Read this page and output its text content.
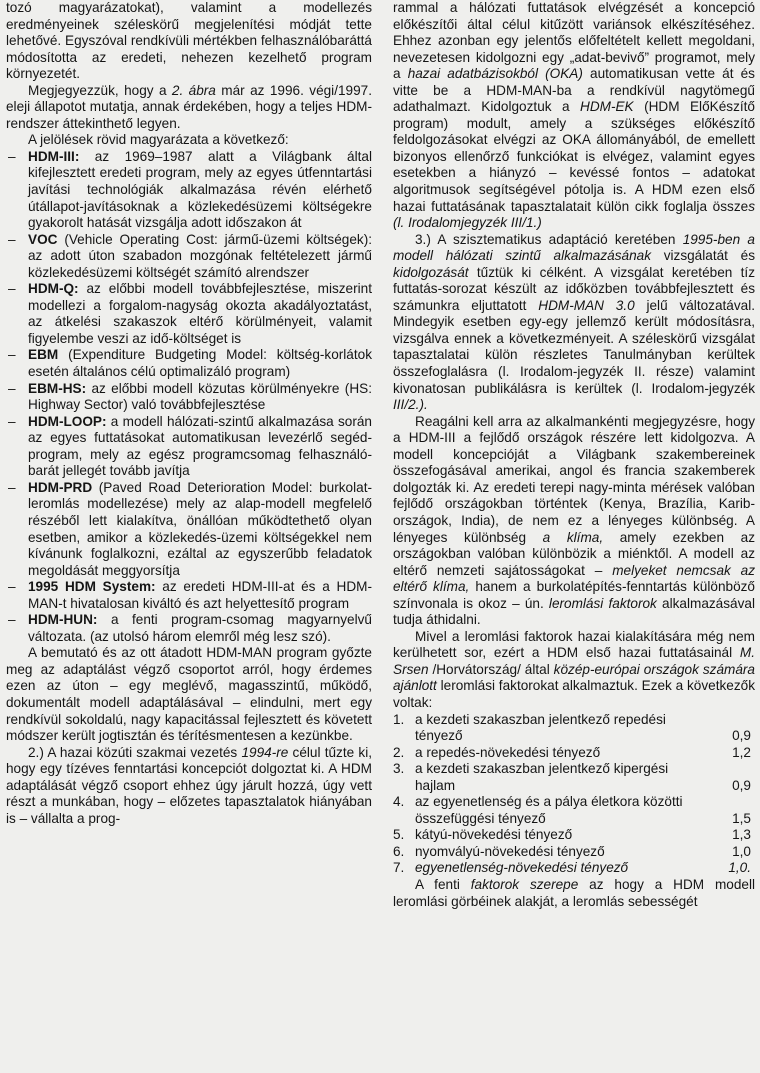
tozó magyarázatokat), valamint a modellezés eredményeinek széleskörű megjelenítési módját tette lehetővé. Egyszóval rendkívüli mértékben felhasználóbaráttá módosította az eredeti, nehezen kezelhető program környezetét.

Megjegyezzük, hogy a 2. ábra már az 1996. végi/1997. eleji állapotot mutatja, annak érdekében, hogy a teljes HDM-rendszer áttekinthető legyen.

A jelölések rövid magyarázata a következő:

– HDM-III: az 1969–1987 alatt a Világbank által kifejlesztett eredeti program, mely az egyes útfenntartási javítási technológiák alkalmazása révén elérhető útállapot-javításoknak a közlekedésüzemi költségekre gyakorolt hatását vizsgálja adott időszakon át
– VOC (Vehicle Operating Cost: jármű-üzemi költségek): az adott úton szabadon mozgónak feltételezett jármű közlekedésüzemi költségét számító alrendszer
– HDM-Q: az előbbi modell továbbfejlesztése, miszerint modellezi a forgalom-nagyság okozta akadályoztatást, az átkelési szakaszok eltérő körülményeit, valamit figyelembe veszi az idő-költséget is
– EBM (Expenditure Budgeting Model: költség-korlátok esetén általános célú optimalizáló program)
– EBM-HS: az előbbi modell közutas körülményekre (HS: Highway Sector) való továbbfejlesztése
– HDM-LOOP: a modell hálózati-szintű alkalmazása során az egyes futtatásokat automatikusan levezérlő segéd-program, mely az egész programcsomag felhasználó-barát jellegét tovább javítja
– HDM-PRD (Paved Road Deterioration Model: burkolat-leromlás modellezése) mely az alap-modell megfelelő részéből lett kialakítva, önállóan működtethető olyan esetben, amikor a közlekedés-üzemi költségekkel nem kívánunk foglalkozni, ezáltal az egyszerűbb feladatok megoldását meggyorsítja
– 1995 HDM System: az eredeti HDM-III-at és a HDM-MAN-t hivatalosan kiváltó és azt helyettesítő program
– HDM-HUN: a fenti program-csomag magyarnyelvű változata. (az utolsó három elemről még lesz szó).

A bemutató és az ott átadott HDM-MAN program győzte meg az adaptálást végző csoportot arról, hogy érdemes ezen az úton – egy meglévő, magasszintű, működő, dokumentált modell adaptálásával – elindulni, mert egy rendkívül sokoldalú, nagy kapacitással fejlesztett és követett módszer került jogtisztán és térítésmentesen a kezünkbe.

2.) A hazai közúti szakmai vezetés 1994-re célul tűzte ki, hogy egy tízéves fenntartási koncepciót dolgoztat ki. A HDM adaptálását végző csoport ehhez úgy járult hozzá, úgy vett részt a munkában, hogy – előzetes tapasztalatok hiányában is – vállalta a prog-

rammal a hálózati futtatások elvégzését a koncepció előkészítői által célul kitűzött variánsok elkészítéséhez. Ehhez azonban egy jelentős előfeltételt kellett megoldani, nevezetesen kidolgozni egy „adat-bevivő” programot, mely a hazai adatbázisokból (OKA) automatikusan vette át és vitte be a HDM-MAN-ba a rendkívül nagytömegű adathalmazt. Kidolgoztuk a HDM-EK (HDM ElőKészítő program) modult, amely a szükséges előkészítő feldolgozásokat elvégzi az OKA állományából, de emellett bizonyos ellenőrző funkciókat is elvégez, valamint egyes esetekben a hiányzó – kevéssé fontos – adatokat algoritmusok segítségével pótolja is. A HDM ezen első hazai futtatásának tapasztalatait külön cikk foglalja összes (l. Irodalomjegyzék III/1.)

3.) A szisztematikus adaptáció keretében 1995-ben a modell hálózati szintű alkalmazásának vizsgálatát és kidolgozását tűztük ki célként. A vizsgálat keretében tíz futtatás-sorozat készült az időközben továbbfejlesztett és számunkra eljuttatott HDM-MAN 3.0 jelű változatával. Mindegyik esetben egy-egy jellemző került módosításra, vizsgálva ennek a következményeit. A széleskörű vizsgálat tapasztalatai külön részletes Tanulmányban kerültek összefoglalásra (l. Irodalom-jegyzék II. része) valamint kivonatosan publikálásra is kerültek (l. Irodalom-jegyzék III/2.).

Reagálni kell arra az alkalmankénti megjegyzésre, hogy a HDM-III a fejlődő országok részére lett kidolgozva. A modell koncepcióját a Világbank szakembereinek összefogásával amerikai, angol és francia szakemberek dolgozták ki. Az eredeti terepi nagy-minta mérések valóban fejlődő országokban történtek (Kenya, Brazília, Karib-országok, India), de nem ez a lényeges különbség. A lényeges különbség a klíma, amely ezekben az országokban valóban különbözik a miénktől. A modell az eltérő nemzeti sajátosságokat – melyeket nemcsak az eltérő klíma, hanem a burkolatépítés-fenntartás különböző színvonala is okoz – ún. leromlási faktorok alkalmazásával tudja áthidalni.

Mivel a leromlási faktorok hazai kialakítására még nem kerülhetett sor, ezért a HDM első hazai futtatásainál M. Srsen /Horvátország/ által közép-európai országok számára ajánlott leromlási faktorokat alkalmaztuk. Ezek a következők voltak:

1. a kezdeti szakaszban jelentkező repedési tényező	0,9
2. a repedés-növekedési tényező	1,2
3. a kezdeti szakaszban jelentkező kipergési hajlam	0,9
4. az egyenetlenség és a pálya életkora közötti összefüggési tényező	1,5
5. kátyú-növekedési tényező	1,3
6. nyomvályú-növekedési tényező	1,0
7. egyenetlenség-növekedési tényező	1,0.

A fenti faktorok szerepe az hogy a HDM modell leromlási görbéinek alakját, a leromlás sebességét
